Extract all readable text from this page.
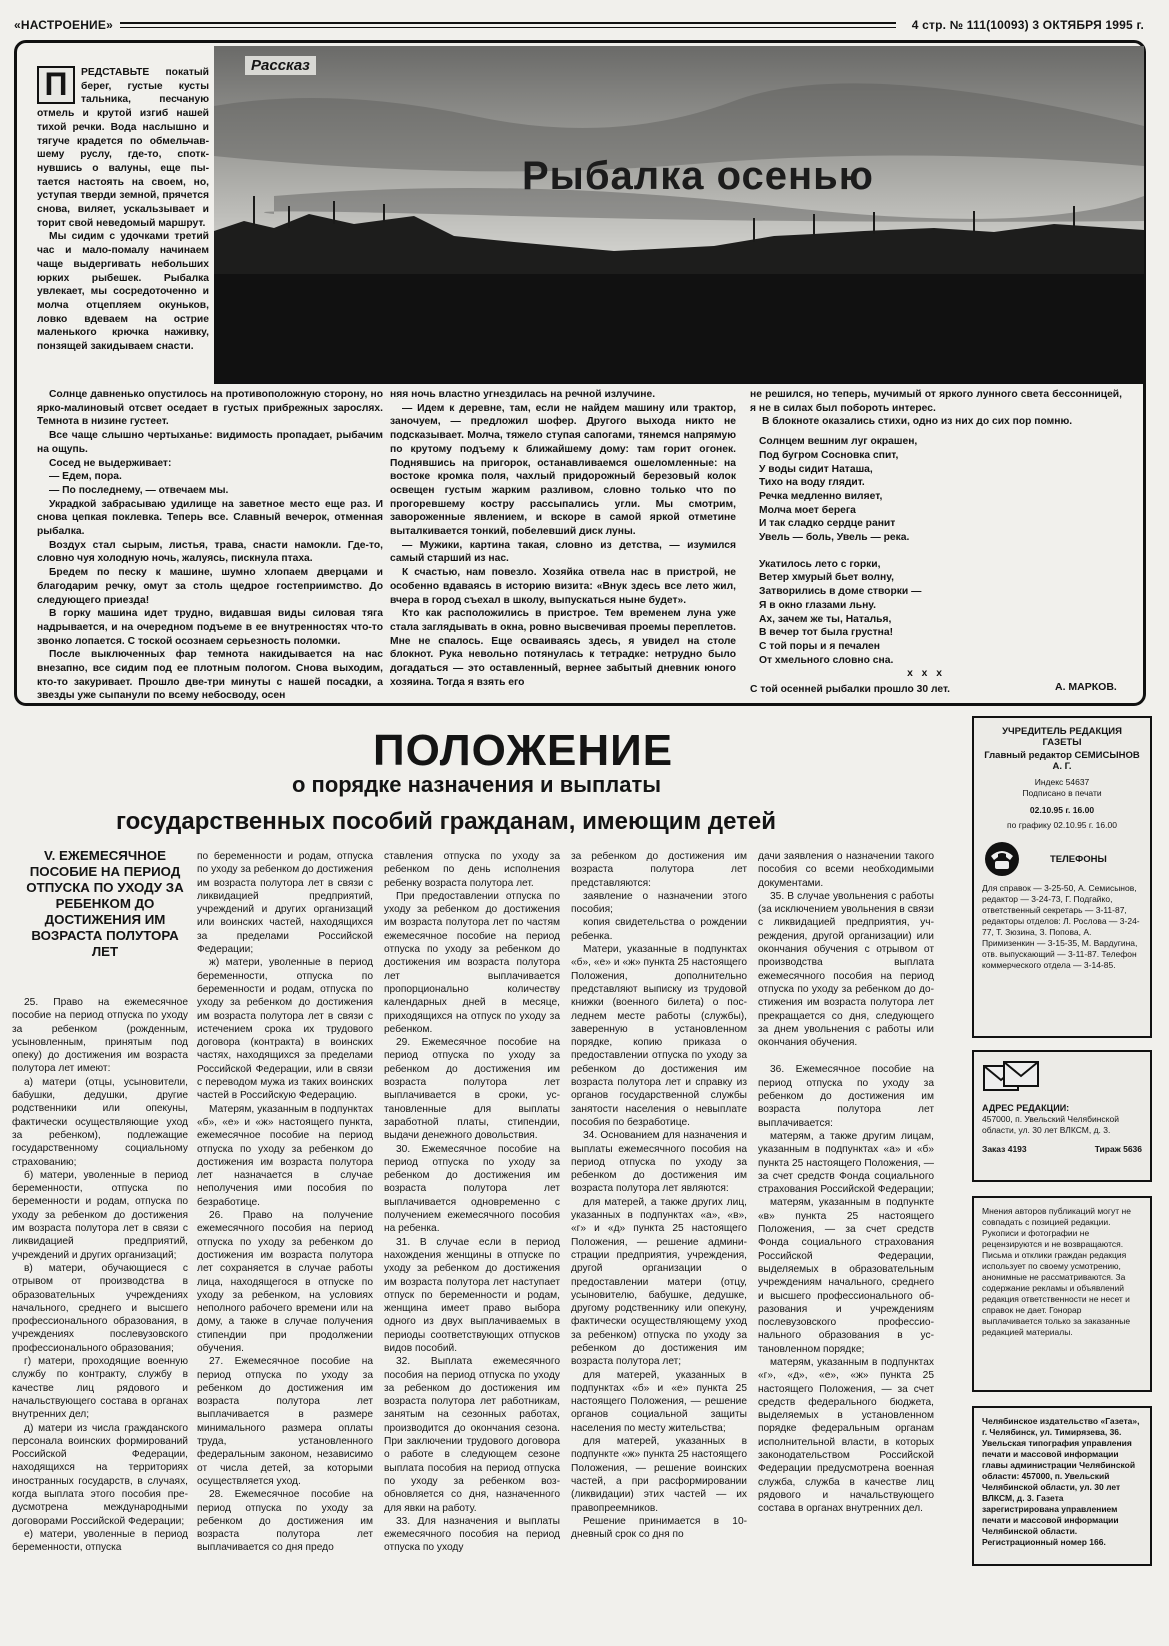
«НАСТРОЕНИЕ»	4 стр. № 111(10093) 3 ОКТЯБРЯ 1995 г.
Рассказ
Рыбалка осенью

РЕДСТАВЬТЕ покатый берег, густые кусты тальника, песчаную отмель и крутой изгиб нашей тихой речки. Вода наслышно и тягуче крадется по обмельчавшему руслу, где-то, споткнувшись о валуны, еще пытается настоять на своем, но, уступая тверди земной, прячется снова, виляет, ускальзывает и торит свой неведомый маршрут.

Мы сидим с удочками третий час и мало-помалу начинаем чаще выдергивать небольших юрких рыбешек. Рыбалка увлекает, мы сосредоточенно и молча отцепляем окуньков, ловко вдеваем на острие маленького крючка наживку, понзящей закидываем снасти.

П

Солнце давненько опустилось на противоположную сторону, но ярко-малиновый отсвет оседает в густых прибрежных зарослях. Темнота в низине густеет.

Все чаще слышно чертыханье: видимость пропадает, рыбачим на ощупь.

Сосед не выдерживает:

— Едем, пора.

— По последнему, — отвечаем мы.

Украдкой забрасываю удилище на заветное место еще раз. И снова цепкая поклевка. Теперь все. Славный вечерок, отменная рыбалка.

Воздух стал сырым, листья, трава, снасти намокли. Где-то, словно чуя холодную ночь, жалуясь, пискнула птаха.

Бредем по песку к машине, шумно хлопаем дверцами и благодарим речку, омут за столь щедрое гостеприимство. До следующего приезда!

В горку машина идет трудно, видавшая виды силовая тяга надрывается, и на очередном подъеме в ее внутренностях что-то звонко лопается. С тоской осознаем серьезность поломки.

После выключенных фар темнота накидывается на нас внезапно, все сидим под ее плотным пологом. Снова выходим, кто-то закуривает. Прошло две-три минуты с нашей посадки, а звезды уже сыпанули по всему небосводу, осен

няя ночь властно угнездилась на речной излучине.

— Идем к деревне, там, если не найдем машину или трактор, заночуем, — предложил шофер. Другого выхода никто не подсказывает. Молча, тяжело ступая сапогами, тянемся напрямую по крутому подъему к ближайшему дому: там горит огонек. Поднявшись на пригорок, останавливаемся ошеломленные: на востоке кромка поля, чахлый придорожный березовый колок освещен густым жарким разливом, словно только что по прогоревшему костру рассыпались угли. Мы смотрим, завороженные явлением, и вскоре в самой яркой отметине выталкивается тонкий, побелевший диск луны.

— Мужики, картина такая, словно из детства, — изумился самый старший из нас.

К счастью, нам повезло. Хозяйка отвела нас в пристрой, не особенно вдаваясь в историю визита: «Внук здесь все лето жил, вчера в город съехал в школу, выпускаться ныне будет».

Кто как расположились в пристрое. Тем временем луна уже стала заглядывать в окна, ровно высвечивая проемы переплетов. Мне не спалось. Еще осваиваясь здесь, я увидел на столе блокнот. Рука невольно потянулась к тетрадке: нетрудно было догадаться — это оставленный, вернее забытый дневник юного хозяина. Тогда я взять его

не решился, но теперь, мучимый от яркого лунного света бессонницей, я не в силах был побороть интерес.

В блокноте оказались стихи, одно из них до сих пор помню.

Солнцем вешним луг окрашен,
Под бугром Сосновка спит,
У воды сидит Наташа,
Тихо на воду глядит.
Речка медленно виляет,
Молча моет берега
И так сладко сердце ранит
Увель — боль, Увель — река.
Укатилось лето с горки,
Ветер хмурый бьет волну,
Затворились в доме створки —
Я в окно глазами льну.
Ах, зачем же ты, Наталья,
В вечер тот была грустна!
С той поры и я печален
От хмельного словно сна.
x x x
С той осенней рыбалки прошло 30 лет.	А. МАРКОВ.
ПОЛОЖЕНИЕ
о порядке назначения и выплаты
государственных пособий гражданам, имеющим детей
V. ЕЖЕМЕСЯЧНОЕ ПОСОБИЕ НА ПЕРИОД ОТПУСКА ПО УХОДУ ЗА РЕБЕНКОМ ДО ДОСТИЖЕНИЯ ИМ ВОЗРАСТА ПОЛУТОРА ЛЕТ

25. Право на ежемесячное пособие на период отпуска по уходу за ребенком (рожденным, усыновленным, принятым под опеку) до достижения им возраста полутора лет имеют:

а) матери (отцы, усыновители, бабушки, дедушки, другие родственники или опекуны, фактически осуществляющие уход за ребенком), подлежащие государственному социальному страхованию;

б) матери, уволенные в период беременности, отпуска по беременности и родам, отпуска по уходу за ребенком до достижения им возраста полутора лет в связи с ликвидацией предприятий, учреждений и других организаций;

в) матери, обучающиеся с отрывом от производства в образовательных учреждениях начального, среднего и высшего профессионального образования, в учреждениях послевузовского профессионального образования;

г) матери, проходящие военную службу по контракту, службу в качестве лиц рядового и начальствующего состава в органах внутренних дел;

д) матери из числа гражданского персонала воинских формирований Российской Федерации, находящихся на территориях иностранных государств, в случаях, когда выплата этого пособия предусмотрена международными договорами Российской Федерации;

е) матери, уволенные в период беременности, отпуска

по беременности и родам, отпуска по уходу за ребенком до достижения им возраста полутора лет в связи с ликвидацией предприятий, учреждений и других организаций или воинских частей, находящихся за пределами Российской Федерации;

ж) матери, уволенные в период беременности, отпуска по беременности и родам, отпуска по уходу за ребенком до достижения им возраста полутора лет в связи с истечением срока их трудового договора (контракта) в воинских частях, находящихся за пределами Российской Федерации, или в связи с переводом мужа из таких воинских частей в Российскую Федерацию.

Матерям, указанным в подпунктах «б», «е» и «ж» настоящего пункта, ежемесячное пособие на период отпуска по уходу за ребенком до достижения им возраста полутора лет назначается в случае неполучения ими пособия по безработице.

26. Право на получение ежемесячного пособия на период отпуска по уходу за ребенком до достижения им возраста полутора лет сохраняется в случае работы лица, находящегося в отпуске по уходу за ребенком, на условиях неполного рабочего времени или на дому, а также в случае получения стипендии при продолжении обучения.

27. Ежемесячное пособие на период отпуска по уходу за ребенком до достижения им возраста полутора лет выплачивается в размере минимального размера оплаты труда, установленного федеральным законом, независимо от числа детей, за которыми осуществляется уход.

28. Ежемесячное пособие на период отпуска по уходу за ребенком до достижения им возраста полутора лет выплачивается со дня предо

ставления отпуска по уходу за ребенком по день исполнения ребенку возраста полутора лет.

При предоставлении отпуска по уходу за ребенком до достижения им возраста полутора лет по частям ежемесячное пособие на период отпуска по уходу за ребенком до достижения им возраста полутора лет выплачивается пропорционально количеству календарных дней в месяце, приходящихся на отпуск по уходу за ребенком.

29. Ежемесячное пособие на период отпуска по уходу за ребенком до достижения им возраста полутора лет выплачивается в сроки, установленные для выплаты заработной платы, стипендии, выдачи денежного довольствия.

30. Ежемесячное пособие на период отпуска по уходу за ребенком до достижения им возраста полутора лет выплачивается одновременно с получением ежемесячного пособия на ребенка.

31. В случае если в период нахождения женщины в отпуске по уходу за ребенком до достижения им возраста полутора лет наступает отпуск по беременности и родам, женщина имеет право выбора одного из двух выплачиваемых в периоды соответствующих отпусков видов пособий.

32. Выплата ежемесячного пособия на период отпуска по уходу за ребенком до достижения им возраста полутора лет работникам, занятым на сезонных работах, производится до окончания сезона. При заключении трудового договора о работе в следующем сезоне выплата пособия на период отпуска по уходу за ребенком возобновляется со дня, назначенного для явки на работу.

33. Для назначения и выплаты ежемесячного пособия на период отпуска по уходу

за ребенком до достижения им возраста полутора лет представляются:

заявление о назначении этого пособия;

копия свидетельства о рождении ребенка.

Матери, указанные в подпунктах «б», «е» и «ж» пункта 25 настоящего Положения, дополнительно представляют выписку из трудовой книжки (военного билета) о последнем месте работы (службы), заверенную в установленном порядке, копию приказа о предоставлении отпуска по уходу за ребенком до достижения им возраста полутора лет и справку из органов государственной службы занятости населения о невыплате пособия по безработице.

34. Основанием для назначения и выплаты ежемесячного пособия на период отпуска по уходу за ребенком до достижения им возраста полутора лет являются:

для матерей, а также других лиц, указанных в подпунктах «а», «в», «г» и «д» пункта 25 настоящего Положения, — решение администрации предприятия, учреждения, другой организации о предоставлении матери (отцу, усыновителю, бабушке, дедушке, другому родственнику или опекуну, фактически осуществляющему уход за ребенком) отпуска по уходу за ребенком до достижения им возраста полутора лет;

для матерей, указанных в подпунктах «б» и «е» пункта 25 настоящего Положения, — решение органов социальной защиты населения по месту жительства;

для матерей, указанных в подпункте «ж» пункта 25 настоящего Положения, — решение воинских частей, а при расформировании (ликвидации) этих частей — их правопреемников.

Решение принимается в 10-дневный срок со дня по

дачи заявления о назначении такого пособия со всеми необходимыми документами.

35. В случае увольнения с работы (за исключением увольнения в связи с ликвидацией предприятия, учреждения, другой организации) или окончания обучения с отрывом от производства выплата ежемесячного пособия на период отпуска по уходу за ребенком до достижения им возраста полутора лет прекращается со дня, следующего за днем увольнения с работы или окончания обучения.

36. Ежемесячное пособие на период отпуска по уходу за ребенком до достижения им возраста полутора лет выплачивается:

матерям, а также другим лицам, указанным в подпунктах «а» и «б» пункта 25 настоящего Положения, — за счет средств Фонда социального страхования Российской Федерации;

матерям, указанным в подпункте «в» пункта 25 настоящего Положения, — за счет средств Фонда социального страхования Российской Федерации, выделяемых в образовательным учреждениям начального, среднего и высшего профессионального образования и учреждениям послевузовского профессионального образования в установленном порядке;

матерям, указанным в подпунктах «г», «д», «е», «ж» пункта 25 настоящего Положения, — за счет средств федерального бюджета, выделяемых в установленном порядке федеральным органам исполнительной власти, в которых законодательством Российской Федерации предусмотрена военная служба, служба в качестве лиц рядового и начальствующего состава в органах внутренних дел.

УЧРЕДИТЕЛЬ РЕДАКЦИЯ ГАЗЕТЫ
Главный редактор СЕМИСЫНОВ А. Г.
Индекс 54637
Подписано в печати
02.10.95 г. 16.00
по графику 02.10.95 г. 16.00
ТЕЛЕФОНЫ
Для справок — 3-25-50, А. Семисынов, редактор — 3-24-73, Г. Подгайко, ответственный секретарь — 3-11-87, редакторы отделов: Л. Рослова — 3-24-77, Т. Зюзина, З. Попова, А. Примизенкин — 3-15-35, М. Вардугина, отв. выпускающий — 3-11-87. Телефон коммерческого отдела — 3-14-85.
АДРЕС РЕДАКЦИИ:
457000, п. Увельский Челябинской области, ул. 30 лет ВЛКСМ, д. 3.
Заказ 4193	Тираж 5636
Мнения авторов публикаций могут не совпадать с позицией редакции. Рукописи и фотографии не рецензируются и не возвращаются. Письма и отклики граждан редакция использует по своему усмотрению, анонимные не рассматриваются. За содержание рекламы и объявлений редакция ответственности не несет и справок не дает. Гонорар выплачивается только за заказанные редакцией материалы.
Челябинское издательство «Газета», г. Челябинск, ул. Тимирязева, 36. Увельская типография управления печати и массовой информации главы администрации Челябинской области: 457000, п. Увельский Челябинской области, ул. 30 лет ВЛКСМ, д. 3. Газета зарегистрирована управлением печати и массовой информации Челябинской области. Регистрационный номер 166.
